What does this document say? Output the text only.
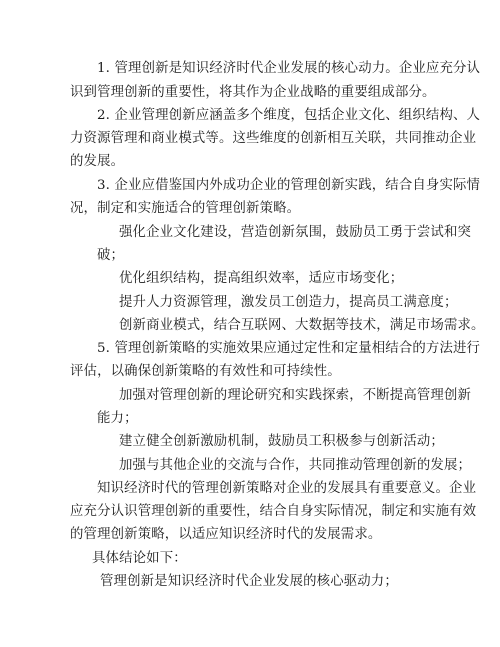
1. 管理创新是知识经济时代企业发展的核心动力。企业应充分认
识到管理创新的重要性，将其作为企业战略的重要组成部分。
2. 企业管理创新应涵盖多个维度，包括企业文化、组织结构、人
力资源管理和商业模式等。这些维度的创新相互关联，共同推动企业
的发展。
3. 企业应借鉴国内外成功企业的管理创新实践，结合自身实际情
况，制定和实施适合的管理创新策略。
强化企业文化建设，营造创新氛围，鼓励员工勇于尝试和突
破；
优化组织结构，提高组织效率，适应市场变化；
提升人力资源管理，激发员工创造力，提高员工满意度；
创新商业模式，结合互联网、大数据等技术，满足市场需求。
5. 管理创新策略的实施效果应通过定性和定量相结合的方法进行
评估，以确保创新策略的有效性和可持续性。
加强对管理创新的理论研究和实践探索，不断提高管理创新
能力；
建立健全创新激励机制，鼓励员工积极参与创新活动；
加强与其他企业的交流与合作，共同推动管理创新的发展；
知识经济时代的管理创新策略对企业的发展具有重要意义。企业
应充分认识管理创新的重要性，结合自身实际情况，制定和实施有效
的管理创新策略，以适应知识经济时代的发展需求。
具体结论如下：
管理创新是知识经济时代企业发展的核心驱动力；
